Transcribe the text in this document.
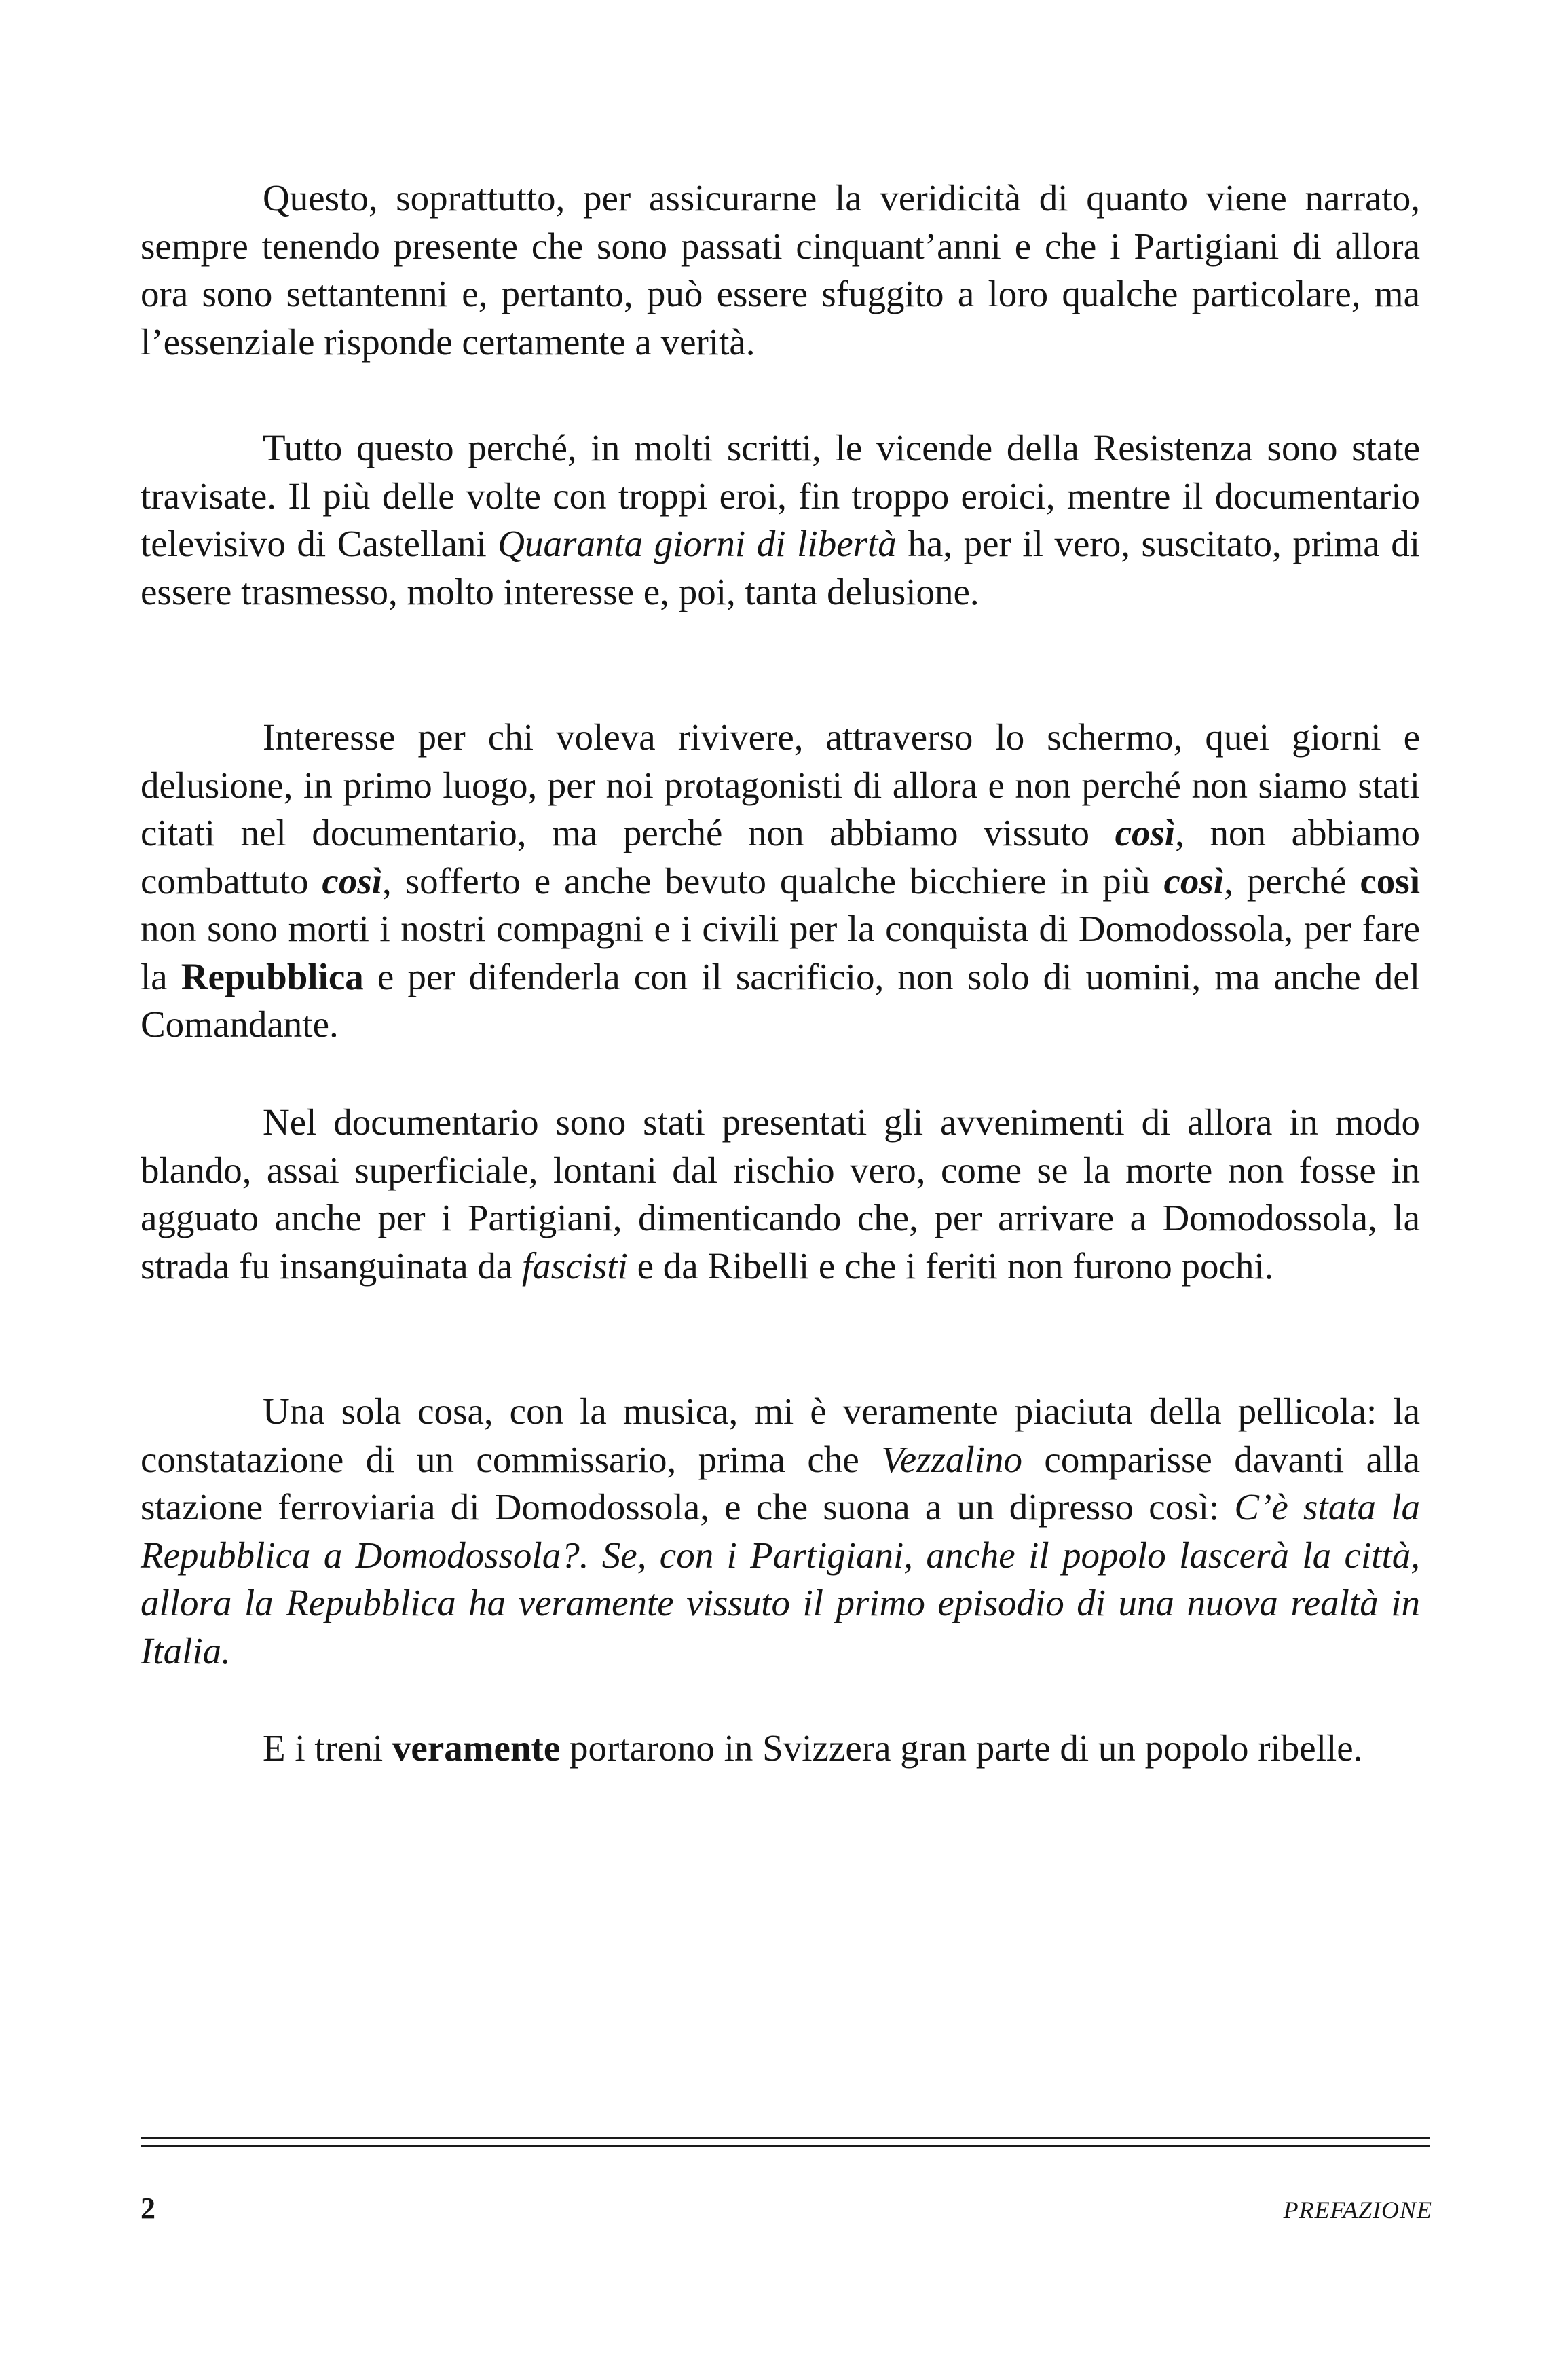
Questo, soprattutto, per assicurarne la veridicità di quanto viene narrato, sempre tenendo presente che sono passati cinquant’anni e che i Partigiani di allora ora sono settantenni e, pertanto, può essere sfuggito a loro qualche particolare, ma l’essenziale risponde certamente a verità.

Tutto questo perché, in molti scritti, le vicende della Resistenza sono state travisate. Il più delle volte con troppi eroi, fin troppo eroici, mentre il documentario televisivo di Castellani Quaranta giorni di libertà ha, per il vero, suscitato, prima di essere trasmesso, molto interesse e, poi, tanta delusione.

Interesse per chi voleva rivivere, attraverso lo schermo, quei giorni e delusione, in primo luogo, per noi protagonisti di allora e non perché non siamo stati citati nel documentario, ma perché non abbiamo vissuto così, non abbiamo combattuto così, sofferto e anche bevuto qualche bicchiere in più così, perché così non sono morti i nostri compagni e i civili per la conquista di Domodossola, per fare la Repubblica e per difenderla con il sacrificio, non solo di uomini, ma anche del Comandante.

Nel documentario sono stati presentati gli avvenimenti di allora in modo blando, assai superficiale, lontani dal rischio vero, come se la morte non fosse in agguato anche per i Partigiani, dimenticando che, per arrivare a Domodossola, la strada fu insanguinata da fascisti e da Ribelli e che i feriti non furono pochi.

Una sola cosa, con la musica, mi è veramente piaciuta della pellicola: la constatazione di un commissario, prima che Vezzalino comparisse davanti alla stazione ferroviaria di Domodossola, e che suona a un dipresso così: C’è stata la Repubblica a Domodossola?. Se, con i Partigiani, anche il popolo lascerà la città, allora la Repubblica ha veramente vissuto il primo episodio di una nuova realtà in Italia.

E i treni veramente portarono in Svizzera gran parte di un popolo ribelle.

2	PREFAZIONE
